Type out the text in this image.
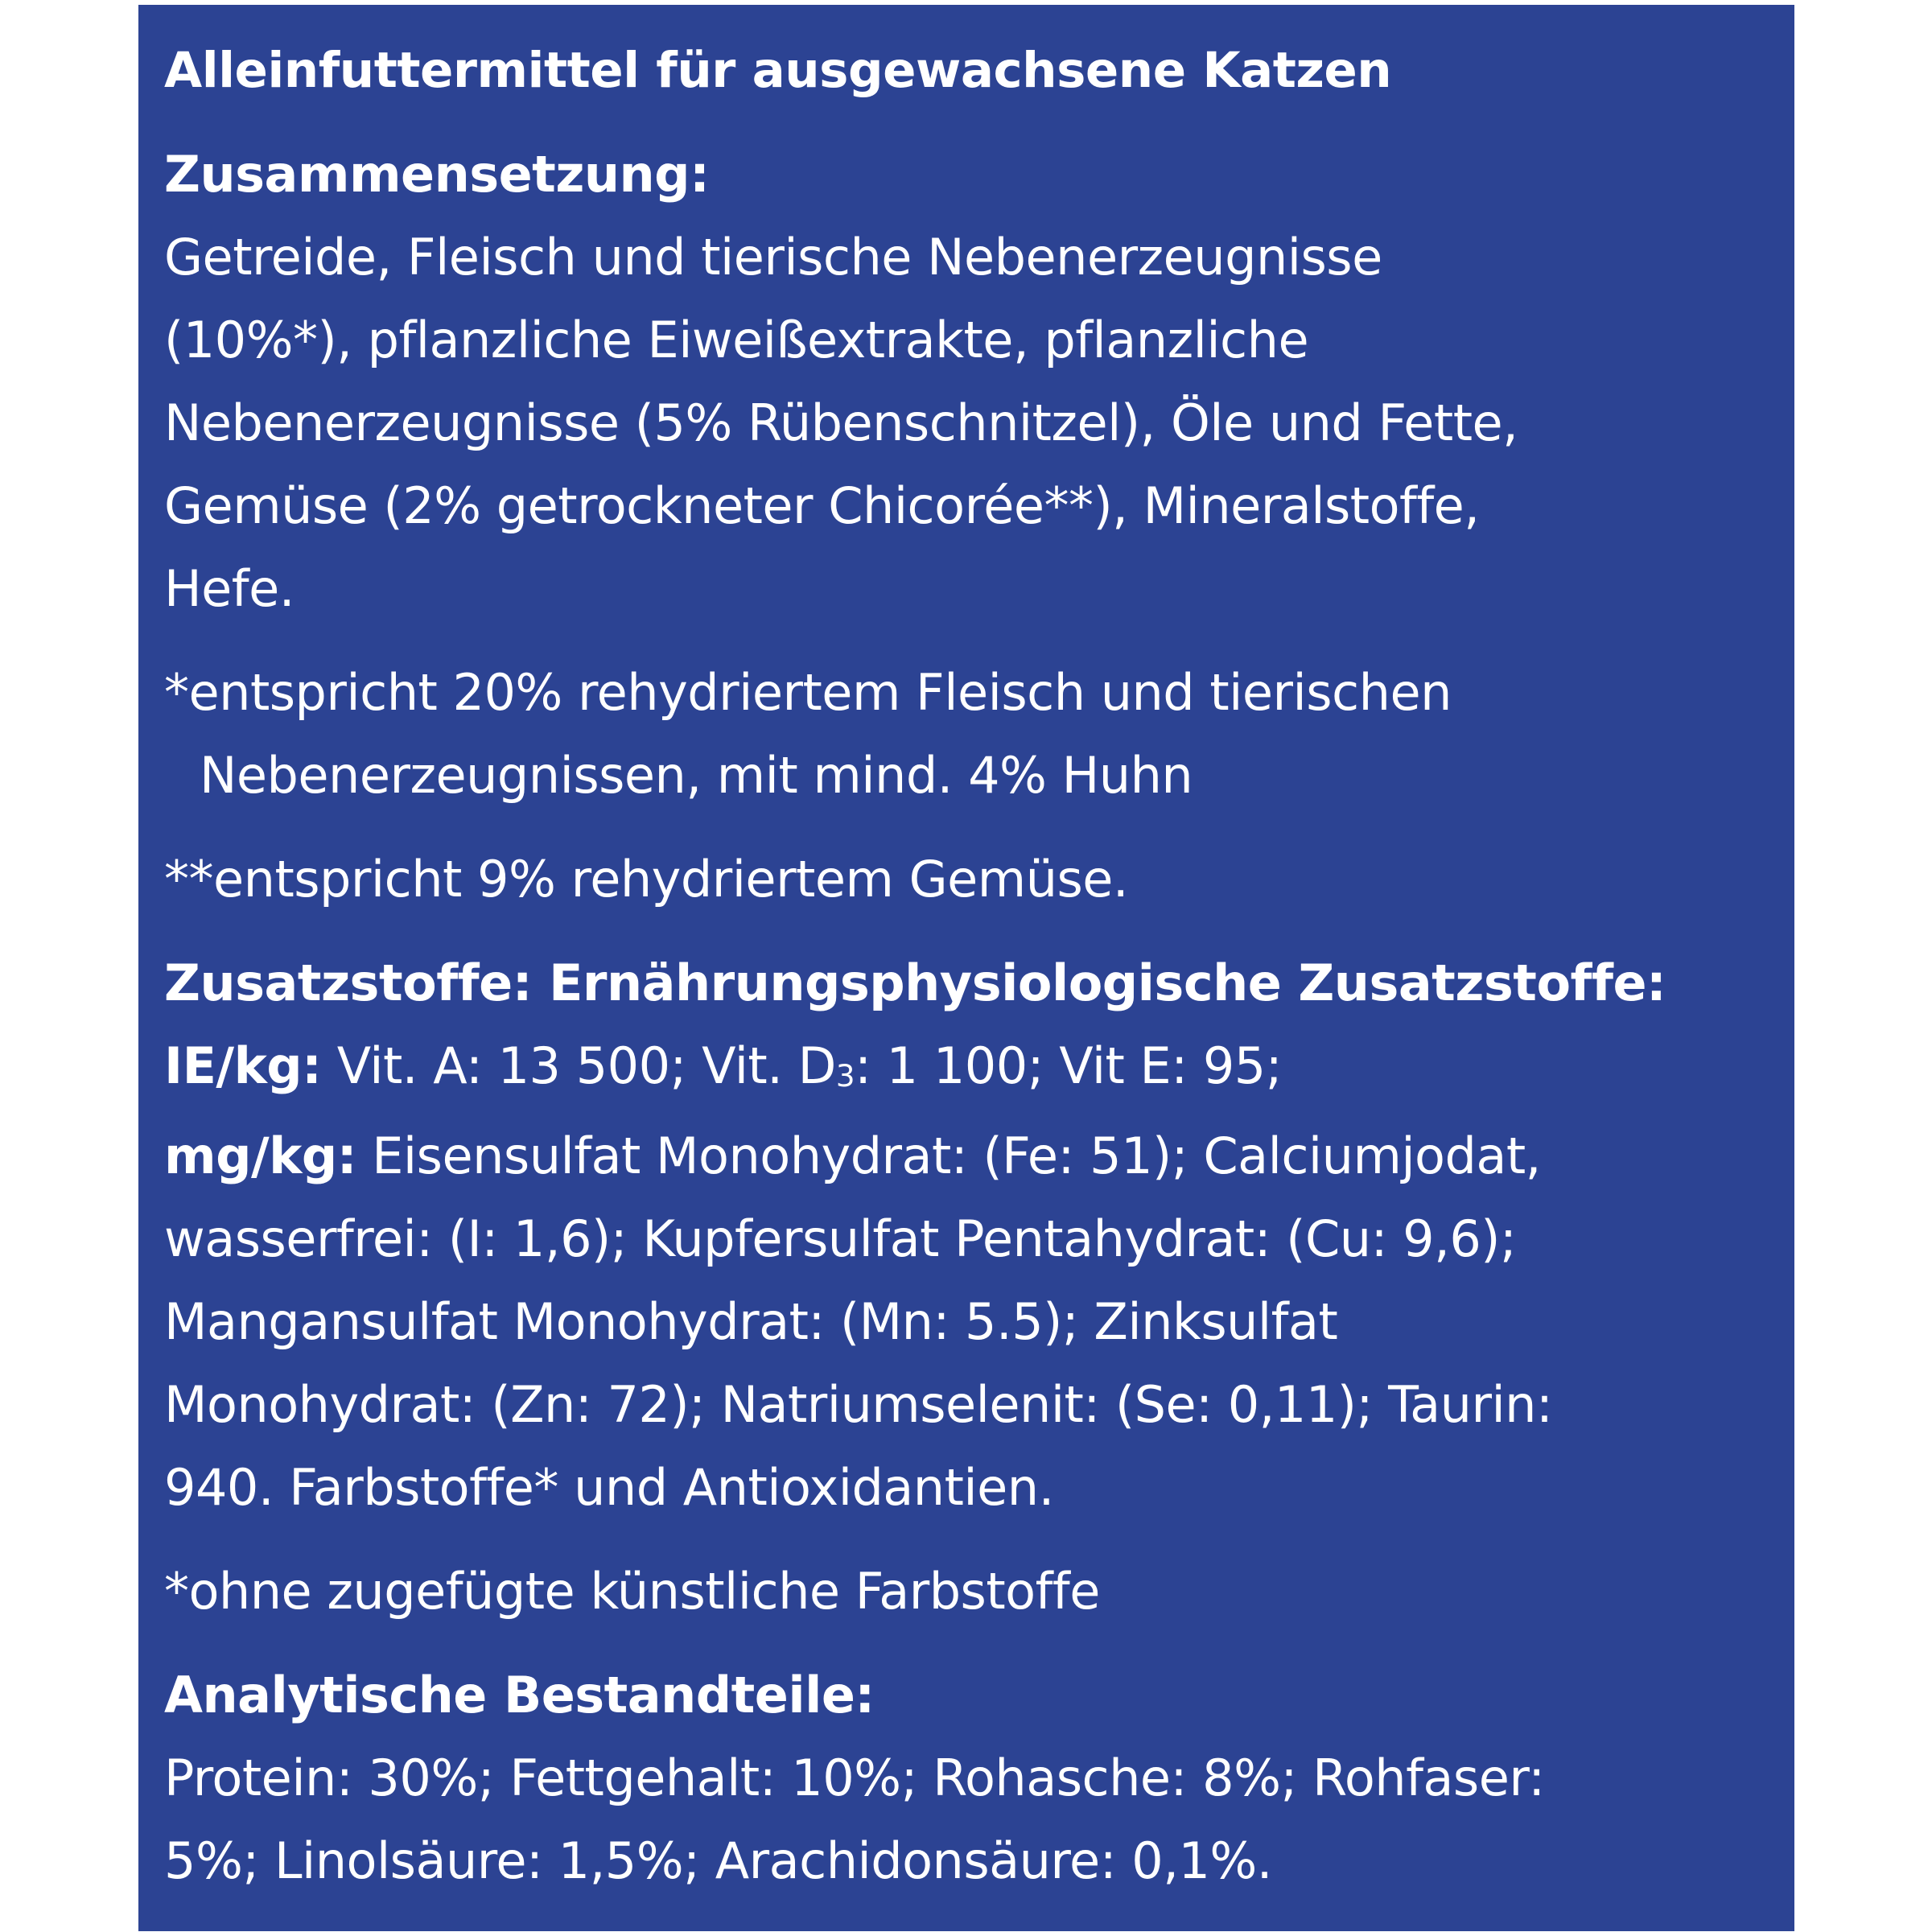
Alleinfuttermittel für ausgewachsene Katzen

Zusammensetzung:

Getreide, Fleisch und tierische Nebenerzeugnisse

(10%*), pflanzliche Eiweißextrakte, pflanzliche

Nebenerzeugnisse (5% Rübenschnitzel), Öle und Fette,

Gemüse (2% getrockneter Chicorée**), Mineralstoffe,

Hefe.

*entspricht 20% rehydriertem Fleisch und tierischen

Nebenerzeugnissen, mit mind. 4% Huhn

**entspricht 9% rehydriertem Gemüse.

Zusatzstoffe: Ernährungsphysiologische Zusatzstoffe:

IE/kg: Vit. A: 13 500; Vit. $D_3$: 1 100; Vit E: 95;

mg/kg: Eisensulfat Monohydrat: (Fe: 51); Calciumjodat,

wasserfrei: (I: 1,6); Kupfersulfat Pentahydrat: (Cu: 9,6);

Mangansulfat Monohydrat: (Mn: 5.5); Zinksulfat

Monohydrat: (Zn: 72); Natriumselenit: (Se: 0,11); Taurin:

940. Farbstoffe* und Antioxidantien.

*ohne zugefügte künstliche Farbstoffe

Analytische Bestandteile:

Protein: 30%; Fettgehalt: 10%; Rohasche: 8%; Rohfaser:

5%; Linolsäure: 1,5%; Arachidonsäure: 0,1%.
